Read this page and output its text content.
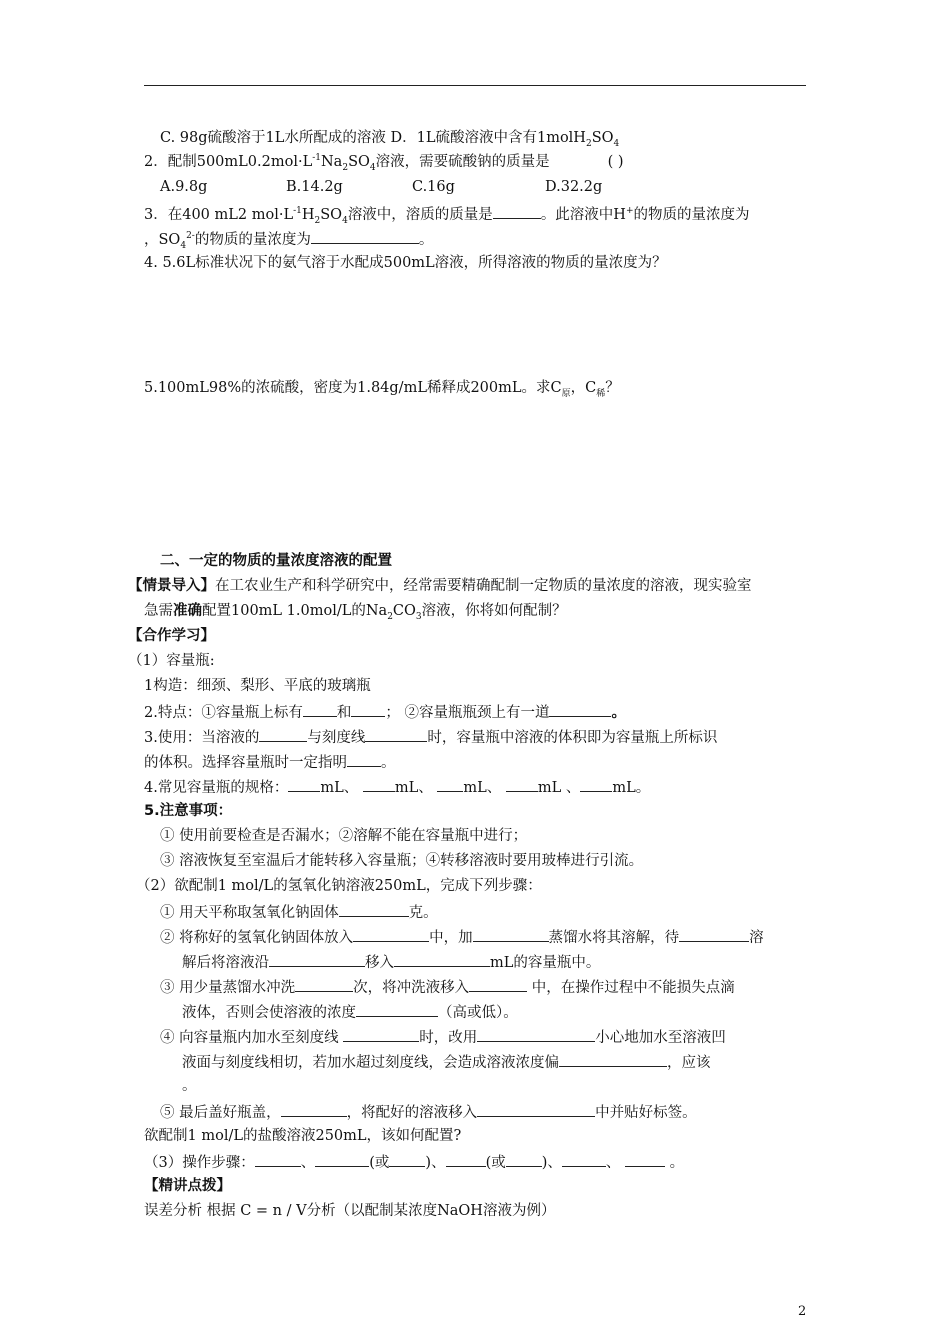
C. 98g硫酸溶于1L水所配成的溶液 D．1L硫酸溶液中含有$1molH_2SO_4$
2．配制$500mL0.2mol\cdot L^{-1}Na_2SO_4$溶液，需要硫酸钠的质量是	( )
A.9.8g	B.14.2g	C.16g	D.32.2g
3．在400 mL2 $mol\cdot L^{-1}H_2SO_4$溶液中，溶质的质量是	。此溶液中H+的物质的量浓度为
，$SO_4^{2-}$的物质的量浓度为	。
4. 5.6L标准状况下的氨气溶于水配成500mL溶液，所得溶液的物质的量浓度为？
5.100mL98%的浓硫酸，密度为1.84g/mL稀释成200mL。求$C_原$，$C_稀$？
二、一定的物质的量浓度溶液的配置
【情景导入】在工农业生产和科学研究中，经常需要精确配制一定物质的量浓度的溶液，现实验室
急需准确配置100mL 1.0mol/L的$Na_2CO_3$溶液，你将如何配制？
【合作学习】
（1）容量瓶:
1构造：细颈、梨形、平底的玻璃瓶
2.特点：①容量瓶上标有 和 ； ②容量瓶瓶颈上有一道	。
3.使用：当溶液的	与刻度线	时，容量瓶中溶液的体积即为容量瓶上所标识
的体积。选择容量瓶时一定指明 。
4.常见容量瓶的规格： mL、	mL、 mL、	mL 、 mL。
5.注意事项：
① 使用前要检查是否漏水；②溶解不能在容量瓶中进行；
③ 溶液恢复至室温后才能转移入容量瓶；④转移溶液时要用玻棒进行引流。
（2）欲配制1 mol/L的氢氧化钠溶液250mL，完成下列步骤：
① 用天平称取氢氧化钠固体	克。
② 将称好的氢氧化钠固体放入	中，加	蒸馏水将其溶解，待	溶
解后将溶液沿	移入	mL的容量瓶中。
③ 用少量蒸馏水冲洗	次，将冲洗液移入	中，在操作过程中不能损失点滴
液体，否则会使溶液的浓度	（高或低）。
④ 向容量瓶内加水至刻度线	时，改用	小心地加水至溶液凹
液面与刻度线相切，若加水超过刻度线，会造成溶液浓度偏	，应该
。
⑤ 最后盖好瓶盖，	，将配好的溶液移入	中并贴好标签。
欲配制1 mol/L的盐酸溶液250mL，该如何配置?
（3）操作步骤：	、	(或 )、	(或 )、	、	。
【精讲点拨】
误差分析 根据 C = n / V分析（以配制某浓度NaOH溶液为例）
2
